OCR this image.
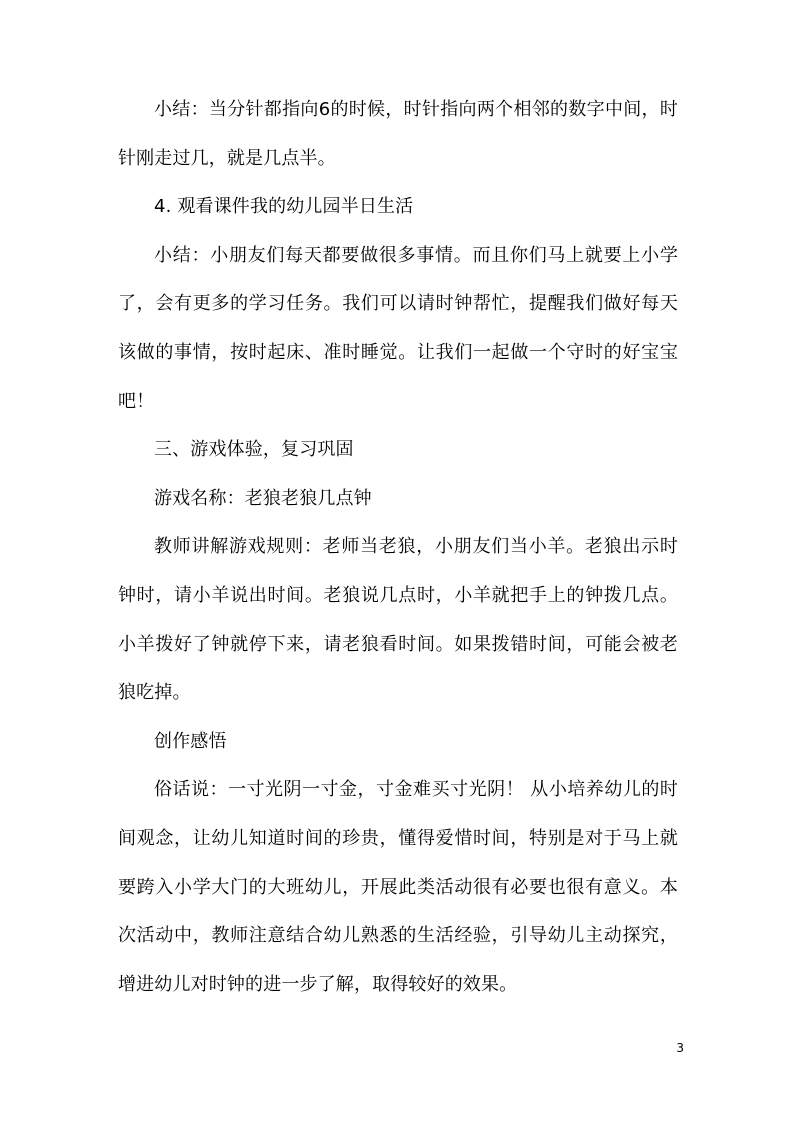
小结：当分针都指向6的时候，时针指向两个相邻的数字中间，时针刚走过几，就是几点半。

4. 观看课件我的幼儿园半日生活

小结：小朋友们每天都要做很多事情。而且你们马上就要上小学了，会有更多的学习任务。我们可以请时钟帮忙，提醒我们做好每天该做的事情，按时起床、准时睡觉。让我们一起做一个守时的好宝宝吧！

三、游戏体验，复习巩固

游戏名称：老狼老狼几点钟

教师讲解游戏规则：老师当老狼，小朋友们当小羊。老狼出示时钟时，请小羊说出时间。老狼说几点时，小羊就把手上的钟拨几点。小羊拨好了钟就停下来，请老狼看时间。如果拨错时间，可能会被老狼吃掉。

创作感悟

俗话说：一寸光阴一寸金，寸金难买寸光阴！ 从小培养幼儿的时间观念，让幼儿知道时间的珍贵，懂得爱惜时间，特别是对于马上就要跨入小学大门的大班幼儿，开展此类活动很有必要也很有意义。本次活动中，教师注意结合幼儿熟悉的生活经验，引导幼儿主动探究，增进幼儿对时钟的进一步了解，取得较好的效果。

3
